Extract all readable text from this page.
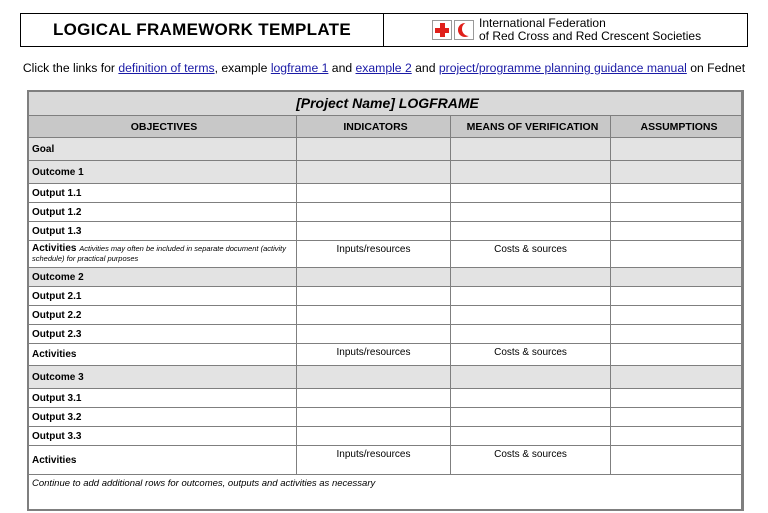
LOGICAL FRAMEWORK TEMPLATE	International Federation
of Red Cross and Red Crescent Societies
Click the links for definition of terms, example logframe 1 and example 2 and project/programme planning guidance manual on Fednet
[Project Name] LOGFRAME			
OBJECTIVES	INDICATORS	MEANS OF VERIFICATION	ASSUMPTIONS
Goal			
Outcome 1			
Output 1.1			
Output 1.2			
Output 1.3			
Activities Activities may often be included in separate document (activity schedule) for practical purposes	Inputs/resources	Costs & sources	
Outcome 2			
Output 2.1			
Output 2.2			
Output 2.3			
Activities	Inputs/resources	Costs & sources	
Outcome 3			
Output 3.1			
Output 3.2			
Output 3.3			
Activities	Inputs/resources	Costs & sources	
Continue to add additional rows for outcomes, outputs and activities as necessary			
